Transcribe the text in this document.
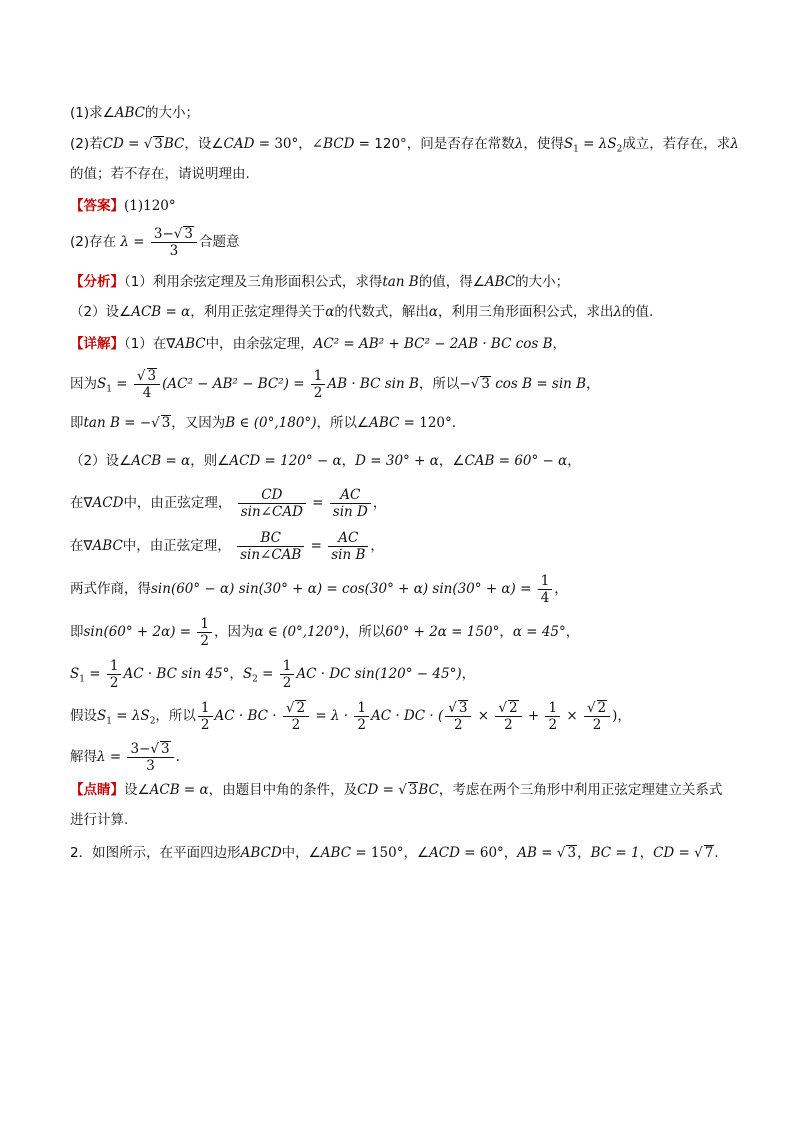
(1)求∠ABC的大小；
(2)若CD = √ 3BC，设∠CAD = 30°，∠BCD = 120°，问是否存在常数λ，使得$S_1 = \lambda S_2$成立，若存在，求λ
的值；若不存在，请说明理由.
【答案】(1)120°
(2)存在 $\lambda = \frac{3-√ 3}{3}$ 合题意
【分析】（1）利用余弦定理及三角形面积公式，求得tan B的值，得∠ABC的大小；
（2）设∠ACB = α，利用正弦定理得关于α的代数式，解出α，利用三角形面积公式，求出λ的值.
【详解】（1）在∇ABC中，由余弦定理，AC² = AB² + BC² − 2AB · BC cos B，
因为$S_1 = \frac{√ 3}{4} (AC^2 - AB^2 - BC^2) = \frac{1}{2}$ AB · BC sin B，所以−√ 3 cos B = sin B，
即tan B = −√ 3，又因为B ∈ (0°,180°)，所以∠ABC = 120°.
（2）设∠ACB = α，则∠ACD = 120° − α，D = 30° + α，∠CAB = 60° − α，
在∇ACD中，由正弦定理， $\frac{CD}{\text{sin∠CAD}} = \frac{AC}{\text{sin D}}$ ，
在∇ABC中，由正弦定理， $\frac{BC}{\text{sin∠CAB}} = \frac{AC}{\text{sin B}}$ ，
两式作商，得sin(60° − α) sin(30° + α) = cos(30° + α) $\sin(30^\circ + \alpha) = \frac{1}{4}$ ，
即$\sin(60^\circ + 2\alpha) = \frac{1}{2}$ ，因为α ∈ (0°,120°)，所以60° + 2α = 150°，α = 45°，
$S_1 = \frac{1}{2}$ AC · BC sin 45°，$S_2 = \frac{1}{2}$ AC · DC sin(120° − 45°)，
假设$S_1 = \lambda S_2$，所以 $\frac{1}{2}$ AC · BC · $\frac{√ 2}{2} = \lambda \cdot \frac{1}{2}$ AC · DC · ( $\frac{√ 3}{2} \times \frac{√ 2}{2} + \frac{1}{2} \times \frac{√ 2}{2}$ )，
解得$\lambda = \frac{3-√ 3}{3}$ .
【点睛】设∠ACB = α，由题目中角的条件，及CD = √ 3BC，考虑在两个三角形中利用正弦定理建立关系式
进行计算.
2．如图所示，在平面四边形ABCD中，∠ABC = 150°，∠ACD = 60°，AB = √ 3，BC = 1，CD = √ 7．
